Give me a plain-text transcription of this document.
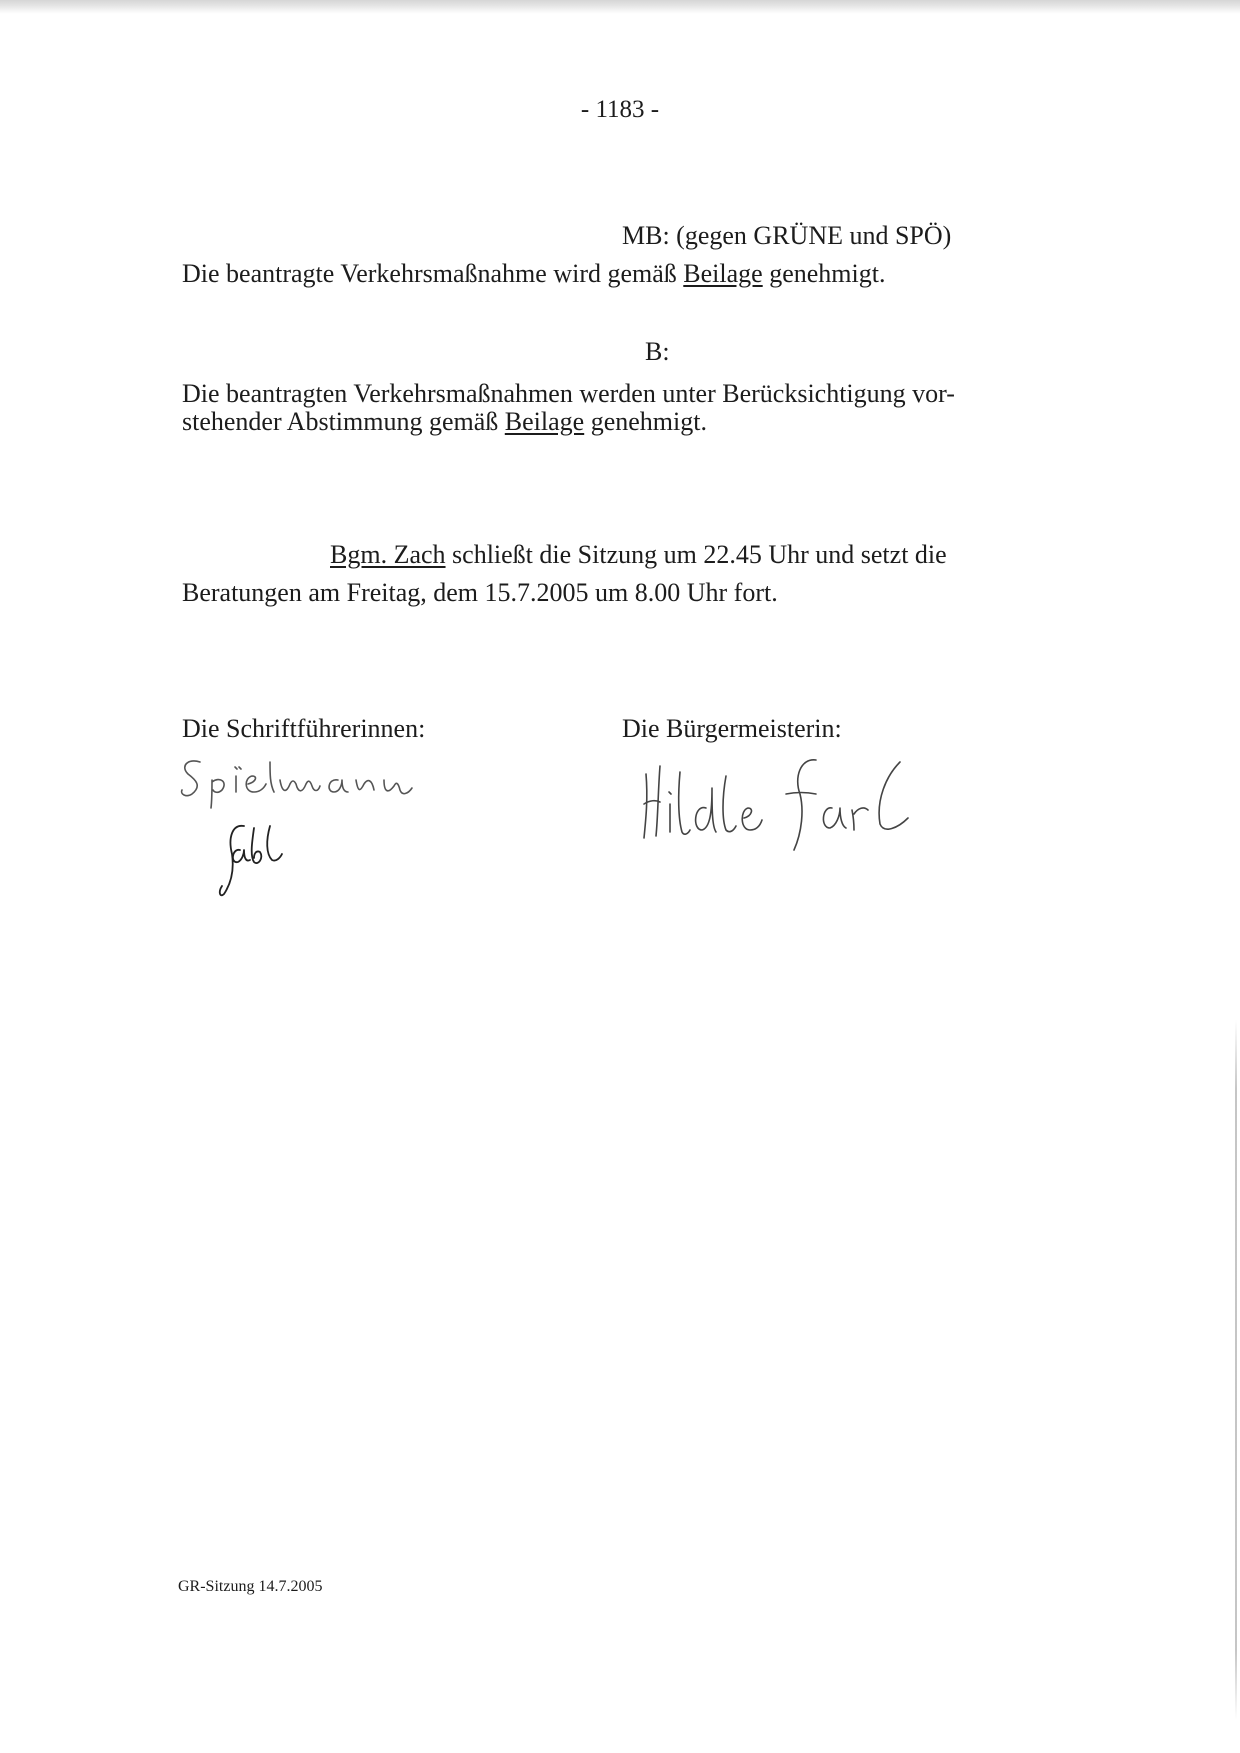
- 1183 -
MB: (gegen GRÜNE und SPÖ)
Die beantragte Verkehrsmaßnahme wird gemäß Beilage genehmigt.
B:
Die beantragten Verkehrsmaßnahmen werden unter Berücksichtigung vor-
stehender Abstimmung gemäß Beilage genehmigt.
Bgm. Zach schließt die Sitzung um 22.45 Uhr und setzt die
Beratungen am Freitag, dem 15.7.2005 um 8.00 Uhr fort.
Die Schriftführerinnen:	Die Bürgermeisterin:
GR-Sitzung 14.7.2005
